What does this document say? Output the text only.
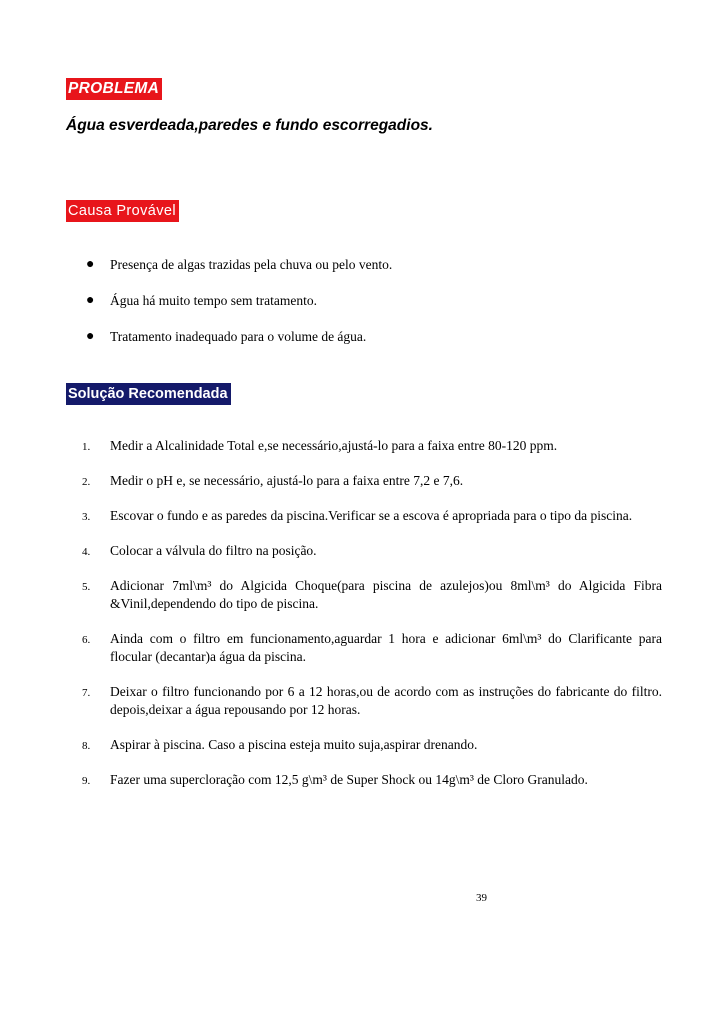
PROBLEMA
Água esverdeada,paredes e fundo escorregadios.
Causa Provável
● Presença de algas trazidas pela chuva ou pelo vento.
● Água há muito tempo sem tratamento.
● Tratamento inadequado para o volume de água.
Solução Recomendada
1. Medir a Alcalinidade Total e,se necessário,ajustá-lo para a faixa entre 80-120 ppm.
2. Medir o pH e, se necessário, ajustá-lo para a faixa entre 7,2 e 7,6.
3. Escovar o fundo e as paredes da piscina.Verificar se a escova é apropriada para o tipo da piscina.
4. Colocar a válvula do filtro na posição.
5. Adicionar 7ml\m³ do Algicida Choque(para piscina de azulejos)ou 8ml\m³ do Algicida Fibra &Vinil,dependendo do tipo de piscina.
6. Ainda com o filtro em funcionamento,aguardar 1 hora e adicionar 6ml\m³ do Clarificante para flocular (decantar)a água da piscina.
7. Deixar o filtro funcionando por 6 a 12 horas,ou de acordo com as instruções do fabricante do filtro. depois,deixar a água repousando por 12 horas.
8. Aspirar à piscina. Caso a piscina esteja muito suja,aspirar drenando.
9. Fazer uma supercloração com 12,5 g\m³ de Super Shock ou 14g\m³ de Cloro Granulado.
39
